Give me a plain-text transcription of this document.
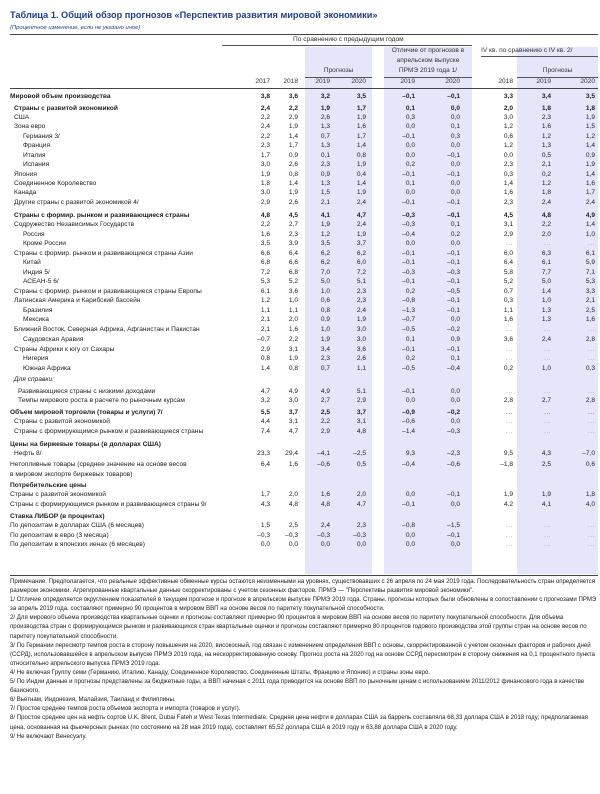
Таблица 1. Общий обзор прогнозов «Перспектив развития мировой экономики»
(Процентное изменение, если не указано иное)
По сравнению с предыдущим годом
Отличие от прогнозов в
апрельском выпуске
ПРМЭ 2019 года 1/
IV кв. по сравнению с IV кв. 2/
Прогнозы	Прогнозы
2017	2018	2019	2020	2019	2020	2018	2019	2020
Мировой объем производства	3,8	3,6	3,2	3,5	–0,1	–0,1	3,3	3,4	3,5
Страны с развитой экономикой	2,4	2,2	1,9	1,7	0,1	0,0	2,0	1,8	1,8
США	2,2	2,9	2,6	1,9	0,3	0,0	3,0	2,3	1,9
Зона евро	2,4	1,9	1,3	1,6	0,0	0,1	1,2	1,6	1,5
Германия 3/	2,2	1,4	0,7	1,7	–0,1	0,3	0,6	1,2	1,2
Франция	2,3	1,7	1,3	1,4	0,0	0,0	1,2	1,3	1,4
Италия	1,7	0,9	0,1	0,8	0,0	–0,1	0,0	0,5	0,9
Испания	3,0	2,6	2,3	1,9	0,2	0,0	2,3	2,1	1,9
Япония	1,9	0,8	0,9	0,4	–0,1	–0,1	0,3	0,2	1,4
Соединенное Королевство	1,8	1,4	1,3	1,4	0,1	0,0	1,4	1,2	1,6
Канада	3,0	1,9	1,5	1,9	0,0	0,0	1,6	1,8	1,7
Другие страны с развитой экономикой 4/	2,9	2,6	2,1	2,4	–0,1	–0,1	2,3	2,4	2,4
Страны с формир. рынком и развивающиеся страны	4,8	4,5	4,1	4,7	–0,3	–0,1	4,5	4,8	4,9
Содружество Независимых Государств	2,2	2,7	1,9	2,4	–0,3	0,1	3,1	2,2	1,4
Россия	1,6	2,3	1,2	1,9	–0,4	0,2	2,9	2,0	1,0
Кроме России	3,5	3,9	3,5	3,7	0,0	0,0	...	...	...
Страны с формир. рынком и развивающиеся страны Азии	6,6	6,4	6,2	6,2	–0,1	–0,1	6,0	6,3	6,1
Китай	6,8	6,6	6,2	6,0	–0,1	–0,1	6,4	6,1	5,9
Индия 5/	7,2	6,8	7,0	7,2	–0,3	–0,3	5,8	7,7	7,1
АСЕАН-5 6/	5,3	5,2	5,0	5,1	–0,1	–0,1	5,2	5,0	5,3
Страны с формир. рынком и развивающиеся страны Европы	6,1	3,6	1,0	2,3	0,2	–0,5	0,7	1,4	3,3
Латинская Америка и Карибский бассейн	1,2	1,0	0,6	2,3	–0,8	–0,1	0,3	1,0	2,1
Бразилия	1,1	1,1	0,8	2,4	–1,3	–0,1	1,1	1,3	2,5
Мексика	2,1	2,0	0,9	1,9	–0,7	0,0	1,6	1,3	1,6
Ближний Восток, Северная Африка, Афганистан и Пакистан	2,1	1,6	1,0	3,0	–0,5	–0,2	...	...	...
Саудовская Аравия	–0,7	2,2	1,9	3,0	0,1	0,9	3,6	2,4	2,8
Страны Африки к югу от Сахары	2,9	3,1	3,4	3,6	–0,1	–0,1	...	...	...
Нигерия	0,8	1,9	2,3	2,6	0,2	0,1	...	...	...
Южная Африка	1,4	0,8	0,7	1,1	–0,5	–0,4	0,2	1,0	0,3
Для справки:
Развивающиеся страны с низкими доходами	4,7	4,9	4,9	5,1	–0,1	0,0	...	...	...
Темпы мирового роста в расчете по рыночным курсам	3,2	3,0	2,7	2,9	0,0	0,0	2,8	2,7	2,8
Объем мировой торговли (товары и услуги) 7/	5,5	3,7	2,5	3,7	–0,9	–0,2	...	...	...
Страны с развитой экономикой	4,4	3,1	2,2	3,1	–0,6	0,0	...	...	...
Страны с формирующимся рынком и развивающиеся страны	7,4	4,7	2,9	4,8	–1,4	–0,3	...	...	...
Цены на биржевые товары (в долларах США)
Нефть 8/	23,3	29,4	–4,1	–2,5	9,3	–2,3	9,5	4,3	–7,0
Нетопливные товары (среднее значение на основе весов	6,4	1,6	–0,6	0,5	–0,4	–0,6	–1,8	2,5	0,6
в мировом экспорте биржевых товаров)
Потребительские цены
Страны с развитой экономикой	1,7	2,0	1,6	2,0	0,0	–0,1	1,9	1,9	1,8
Страны с формирующимся рынком и развивающиеся страны 9/	4,3	4,8	4,8	4,7	–0,1	0,0	4,2	4,1	4,0
Ставка ЛИБОР (в процентах)
По депозитам в долларах США (6 месяцев)	1,5	2,5	2,4	2,3	–0,8	–1,5	...	...	...
По депозитам в евро (3 месяца)	–0,3	–0,3	–0,3	–0,3	0,0	–0,1	...	...	...
По депозитам в японских иенах (6 месяцев)	0,0	0,0	0,0	0,0	0,0	0,0	...	...	...

Примечание. Предполагается, что реальные эффективные обменные курсы остаются неизменными на уровнях, существовавших с 26 апреля по 24 мая 2019 года. Последовательность стран определяется размером экономики. Агрегированные квартальные данные скорректированы с учетом сезонных факторов. ПРМЭ — "Перспективы развития мировой экономики".

1/ Отличие определяется округлением показателей в текущем прогнозе и прогнозе в апрельском выпуске ПРМЭ 2019 года. Страны, прогнозы которых были обновлены в сопоставлении с прогнозами ПРМЭ за апрель 2019 года, составляют примерно 90 процентов в мировом ВВП на основе весов по паритету покупательной способности.

2/ Для мирового объема производства квартальные оценки и прогнозы составляют примерно 90 процентов в мировом ВВП на основе весов по паритету покупательной способности. Для объема производства стран с формирующимся рынком и развивающихся стран квартальные оценки и прогнозы составляют примерно 80 процентов годового производства этой группы стран на основе весов по паритету покупательной способности.

3/ По Германии пересмотр темпов роста в сторону повышения на 2020, високосный, год связан с изменением определения ВВП с основы, скорректированной с учетом сезонных факторов и рабочих дней (ССРД), использовавшейся в апрельском выпуске ПРМЭ 2019 года, на нескорректированную основу. Прогноз роста на 2020 год на основе ССРД пересмотрен в сторону снижения на 0,1 процентного пункта относительно апрельского выпуска ПРМЭ 2019 года.

4/ Не включая Группу семи (Германию, Италию, Канаду, Соединенное Королевство, Соединенные Штаты, Францию и Японию) и страны зоны евро.

5/ По Индии данные и прогнозы представлены за бюджетные годы, а ВВП начиная с 2011 года приводится на основе ВВП по рыночным ценам с использованием 2011/2012 финансового года в качестве базисного.

6/ Вьетнам, Индонезия, Малайзия, Таиланд и Филиппины.

7/ Простое среднее темпов роста объемов экспорта и импорта (товаров и услуг).

8/ Простое среднее цен на нефть сортов U.K. Brent, Dubai Fateh и West Texas Intermediate. Средняя цена нефти в долларах США за баррель составляла 68,33 доллара США в 2018 году; предполагаемая цена, основанная на фьючерсных рынках (по состоянию на 28 мая 2019 года), составляет 65,52 доллара США в 2019 году и 63,88 доллара США в 2020 году.

9/ Не включают Венесуэлу.
